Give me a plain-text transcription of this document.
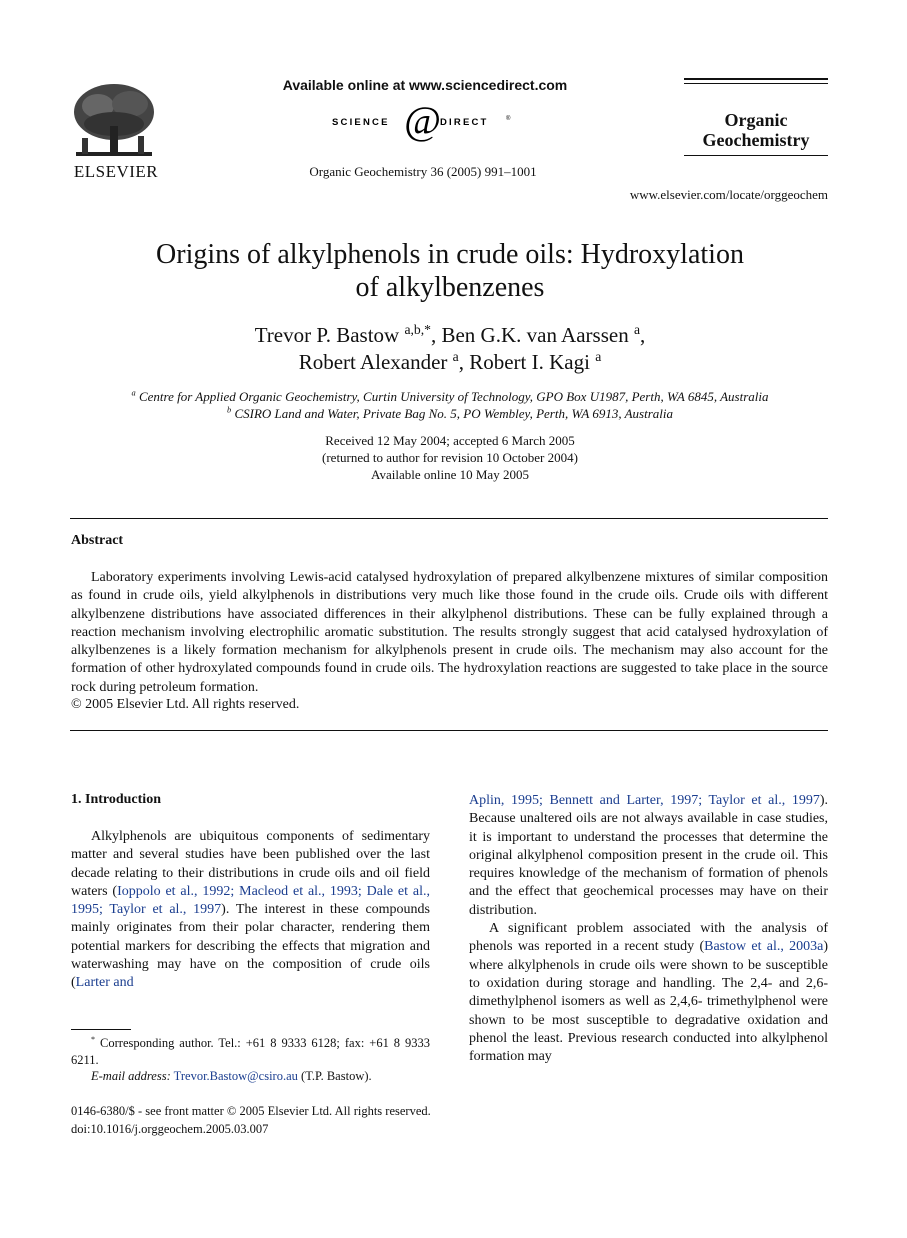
ELSEVIER
Available online at www.sciencedirect.com
SCIENCE @ DIRECT	®
Organic Geochemistry 36 (2005) 991–1001
Organic
Geochemistry
www.elsevier.com/locate/orggeochem
Origins of alkylphenols in crude oils: Hydroxylation
of alkylbenzenes
Trevor P. Bastow $^{a,b,*}$, Ben G.K. van Aarssen $^a$,
Robert Alexander $^a$, Robert I. Kagi $^a$
$^a$ Centre for Applied Organic Geochemistry, Curtin University of Technology, GPO Box U1987, Perth, WA 6845, Australia
$^b$ CSIRO Land and Water, Private Bag No. 5, PO Wembley, Perth, WA 6913, Australia
Received 12 May 2004; accepted 6 March 2005
(returned to author for revision 10 October 2004)
Available online 10 May 2005
Abstract

Laboratory experiments involving Lewis-acid catalysed hydroxylation of prepared alkylbenzene mixtures of similar composition as found in crude oils, yield alkylphenols in distributions very much like those found in the crude oils. Crude oils with different alkylbenzene distributions have associated differences in their alkylphenol distributions. These can be fully explained through a reaction mechanism involving electrophilic aromatic substitution. The results strongly suggest that acid catalysed hydroxylation of alkylbenzenes is a likely formation mechanism for alkylphenols present in crude oils. The mechanism may also account for the formation of other hydroxylated compounds found in crude oils. The hydroxylation reactions are suggested to take place in the source rock during petroleum formation.

© 2005 Elsevier Ltd. All rights reserved.
1. Introduction

Alkylphenols are ubiquitous components of sedimentary matter and several studies have been published over the last decade relating to their distributions in crude oils and oil field waters (Ioppolo et al., 1992; Macleod et al., 1993; Dale et al., 1995; Taylor et al., 1997). The interest in these compounds mainly originates from their polar character, rendering them potential markers for describing the effects that migration and waterwashing may have on the composition of crude oils (Larter and

Aplin, 1995; Bennett and Larter, 1997; Taylor et al., 1997). Because unaltered oils are not always available in case studies, it is important to understand the processes that determine the original alkylphenol composition present in the crude oil. This requires knowledge of the mechanism of formation of phenols and the effect that geochemical processes may have on their distribution.

A significant problem associated with the analysis of phenols was reported in a recent study (Bastow et al., 2003a) where alkylphenols in crude oils were shown to be susceptible to oxidation during storage and handling. The 2,4- and 2,6- dimethylphenol isomers as well as 2,4,6- trimethylphenol were shown to be most susceptible to degradative oxidation and phenol the least. Previous research conducted into alkylphenol formation may

* Corresponding author. Tel.: +61 8 9333 6128; fax: +61 8 9333 6211.
E-mail address: Trevor.Bastow@csiro.au (T.P. Bastow).
0146-6380/$ - see front matter © 2005 Elsevier Ltd. All rights reserved.
doi:10.1016/j.orggeochem.2005.03.007
